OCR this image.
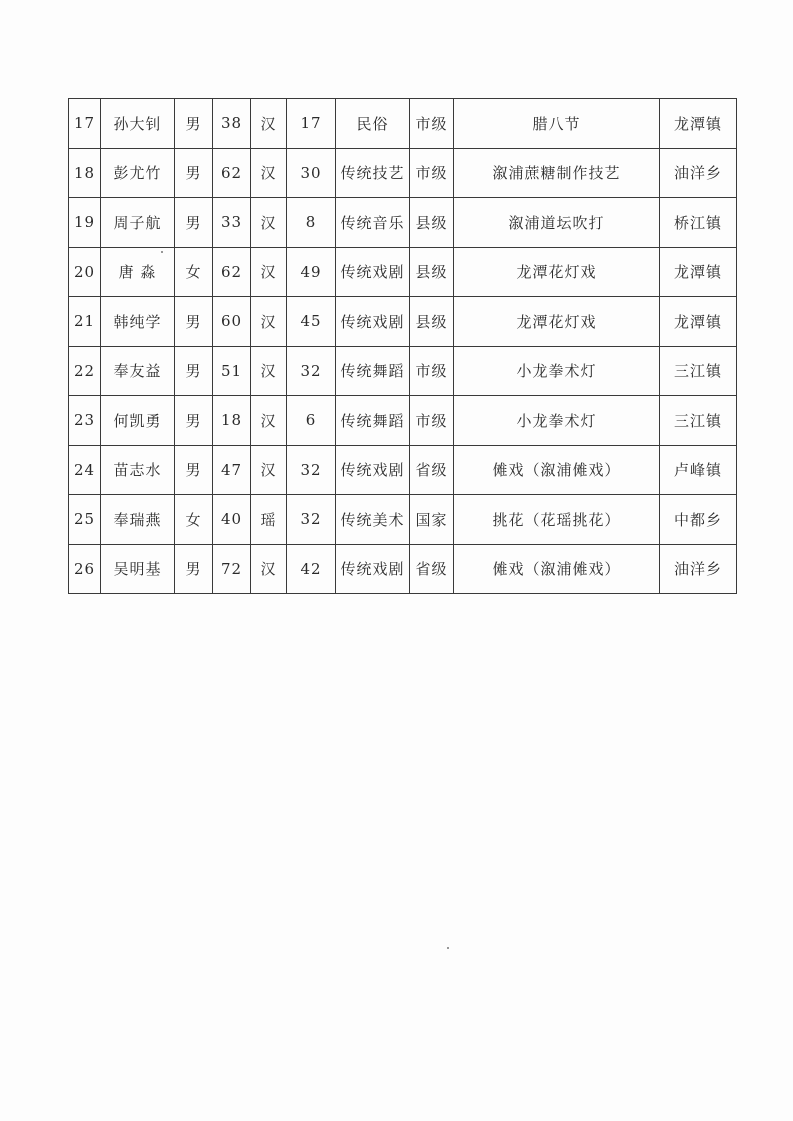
17	孙大钊	男	38	汉	17	民俗	市级	腊八节	龙潭镇
18	彭尤竹	男	62	汉	30	传统技艺	市级	溆浦蔗糖制作技艺	油洋乡
19	周子航	男	33	汉	8	传统音乐	县级	溆浦道坛吹打	桥江镇
20	唐 淼	女	62	汉	49	传统戏剧	县级	龙潭花灯戏	龙潭镇
21	韩纯学	男	60	汉	45	传统戏剧	县级	龙潭花灯戏	龙潭镇
22	奉友益	男	51	汉	32	传统舞蹈	市级	小龙拳术灯	三江镇
23	何凯勇	男	18	汉	6	传统舞蹈	市级	小龙拳术灯	三江镇
24	苗志水	男	47	汉	32	传统戏剧	省级	傩戏（溆浦傩戏）	卢峰镇
25	奉瑞燕	女	40	瑶	32	传统美术	国家	挑花（花瑶挑花）	中都乡
26	吴明基	男	72	汉	42	传统戏剧	省级	傩戏（溆浦傩戏）	油洋乡
